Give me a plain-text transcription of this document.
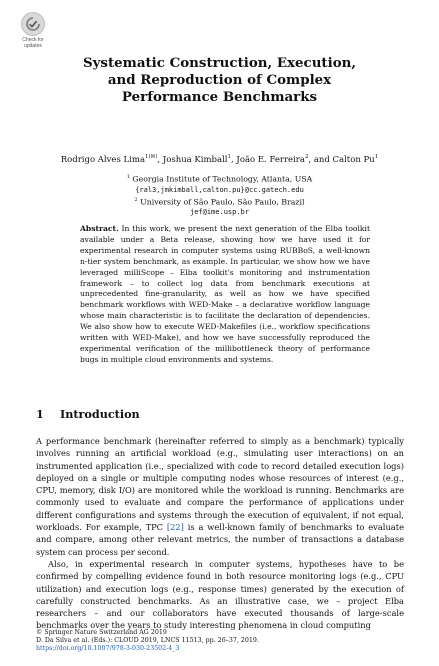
Check for
updates
Systematic Construction, Execution,
and Reproduction of Complex
Performance Benchmarks
Rodrigo Alves Lima$^{1(✉)}$, Joshua Kimball$^1$, João E. Ferreira$^2$, and Calton Pu$^1$
$^1$ Georgia Institute of Technology, Atlanta, USA
{ral3,jmkimball,calton.pu}@cc.gatech.edu
$^2$ University of São Paulo, São Paulo, Brazil
jef@ime.usp.br
Abstract. In this work, we present the next generation of the Elba toolkit available under a Beta release, showing how we have used it for experimental research in computer systems using RUBBoS, a well-known n-tier system benchmark, as example. In particular, we show how we have leveraged milliScope – Elba toolkit's monitoring and instrumentation framework – to collect log data from benchmark executions at unprecedented fine-granularity, as well as how we have specified benchmark workflows with WED-Make – a declarative workflow language whose main characteristic is to facilitate the declaration of dependencies. We also show how to execute WED-Makefiles (i.e., workflow specifications written with WED-Make), and how we have successfully reproduced the experimental verification of the millibottleneck theory of performance bugs in multiple cloud environments and systems.
1 Introduction

A performance benchmark (hereinafter referred to simply as a benchmark) typically involves running an artificial workload (e.g., simulating user interactions) on an instrumented application (i.e., specialized with code to record detailed execution logs) deployed on a single or multiple computing nodes whose resources of interest (e.g., CPU, memory, disk I/O) are monitored while the workload is running. Benchmarks are commonly used to evaluate and compare the performance of applications under different configurations and systems through the execution of equivalent, if not equal, workloads. For example, TPC [22] is a well-known family of benchmarks to evaluate and compare, among other relevant metrics, the number of transactions a database system can process per second.

Also, in experimental research in computer systems, hypotheses have to be confirmed by compelling evidence found in both resource monitoring logs (e.g., CPU utilization) and execution logs (e.g., response times) generated by the execution of carefully constructed benchmarks. As an illustrative case, we – project Elba researchers – and our collaborators have executed thousands of large-scale benchmarks over the years to study interesting phenomena in cloud computing

© Springer Nature Switzerland AG 2019
D. Da Silva et al. (Eds.): CLOUD 2019, LNCS 11513, pp. 26–37, 2019.
https://doi.org/10.1007/978-3-030-23502-4_3
